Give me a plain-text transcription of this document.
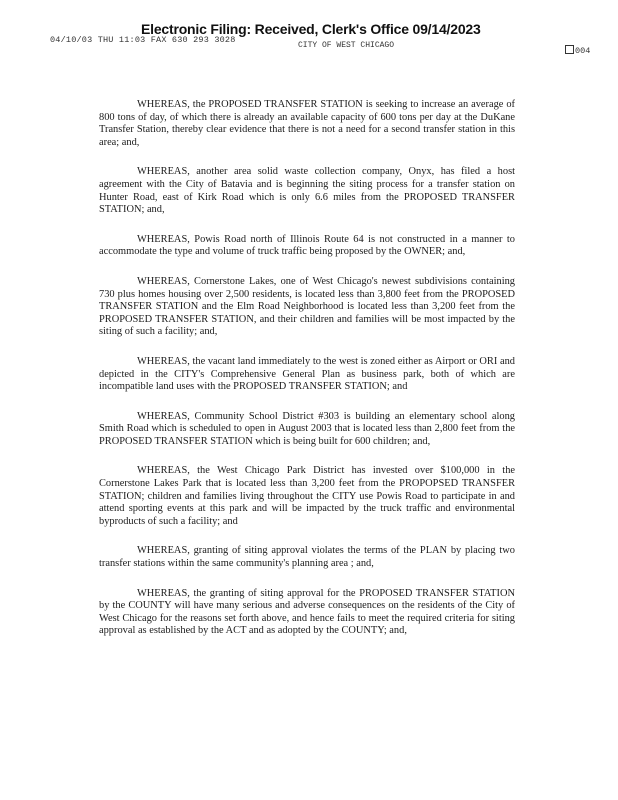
Electronic Filing: Received, Clerk's Office 09/14/2023
04/10/03 THU 11:03 FAX 630 293 3028
CITY OF WEST CHICAGO
004

WHEREAS, the PROPOSED TRANSFER STATION is seeking to increase an average of 800 tons of day, of which there is already an available capacity of 600 tons per day at the DuKane Transfer Station, thereby clear evidence that there is not a need for a second transfer station in this area; and,

WHEREAS, another area solid waste collection company, Onyx, has filed a host agreement with the City of Batavia and is beginning the siting process for a transfer station on Hunter Road, east of Kirk Road which is only 6.6 miles from the PROPOSED TRANSFER STATION; and,

WHEREAS, Powis Road north of Illinois Route 64 is not constructed in a manner to accommodate the type and volume of truck traffic being proposed by the OWNER; and,

WHEREAS, Cornerstone Lakes, one of West Chicago's newest subdivisions containing 730 plus homes housing over 2,500 residents, is located less than 3,800 feet from the PROPOSED TRANSFER STATION and the Elm Road Neighborhood is located less than 3,200 feet from the PROPOSED TRANSFER STATION, and their children and families will be most impacted by the siting of such a facility; and,

WHEREAS, the vacant land immediately to the west is zoned either as Airport or ORI and depicted in the CITY's Comprehensive General Plan as business park, both of which are incompatible land uses with the PROPOSED TRANSFER STATION; and

WHEREAS, Community School District #303 is building an elementary school along Smith Road which is scheduled to open in August 2003 that is located less than 2,800 feet from the PROPOSED TRANSFER STATION which is being built for 600 children; and,

WHEREAS, the West Chicago Park District has invested over $100,000 in the Cornerstone Lakes Park that is located less than 3,200 feet from the PROPOPSED TRANSFER STATION; children and families living throughout the CITY use Powis Road to participate in and attend sporting events at this park and will be impacted by the truck traffic and environmental byproducts of such a facility; and

WHEREAS, granting of siting approval violates the terms of the PLAN by placing two transfer stations within the same community's planning area ; and,

WHEREAS, the granting of siting approval for the PROPOSED TRANSFER STATION by the COUNTY will have many serious and adverse consequences on the residents of the City of West Chicago for the reasons set forth above, and hence fails to meet the required criteria for siting approval as established by the ACT and as adopted by the COUNTY; and,
